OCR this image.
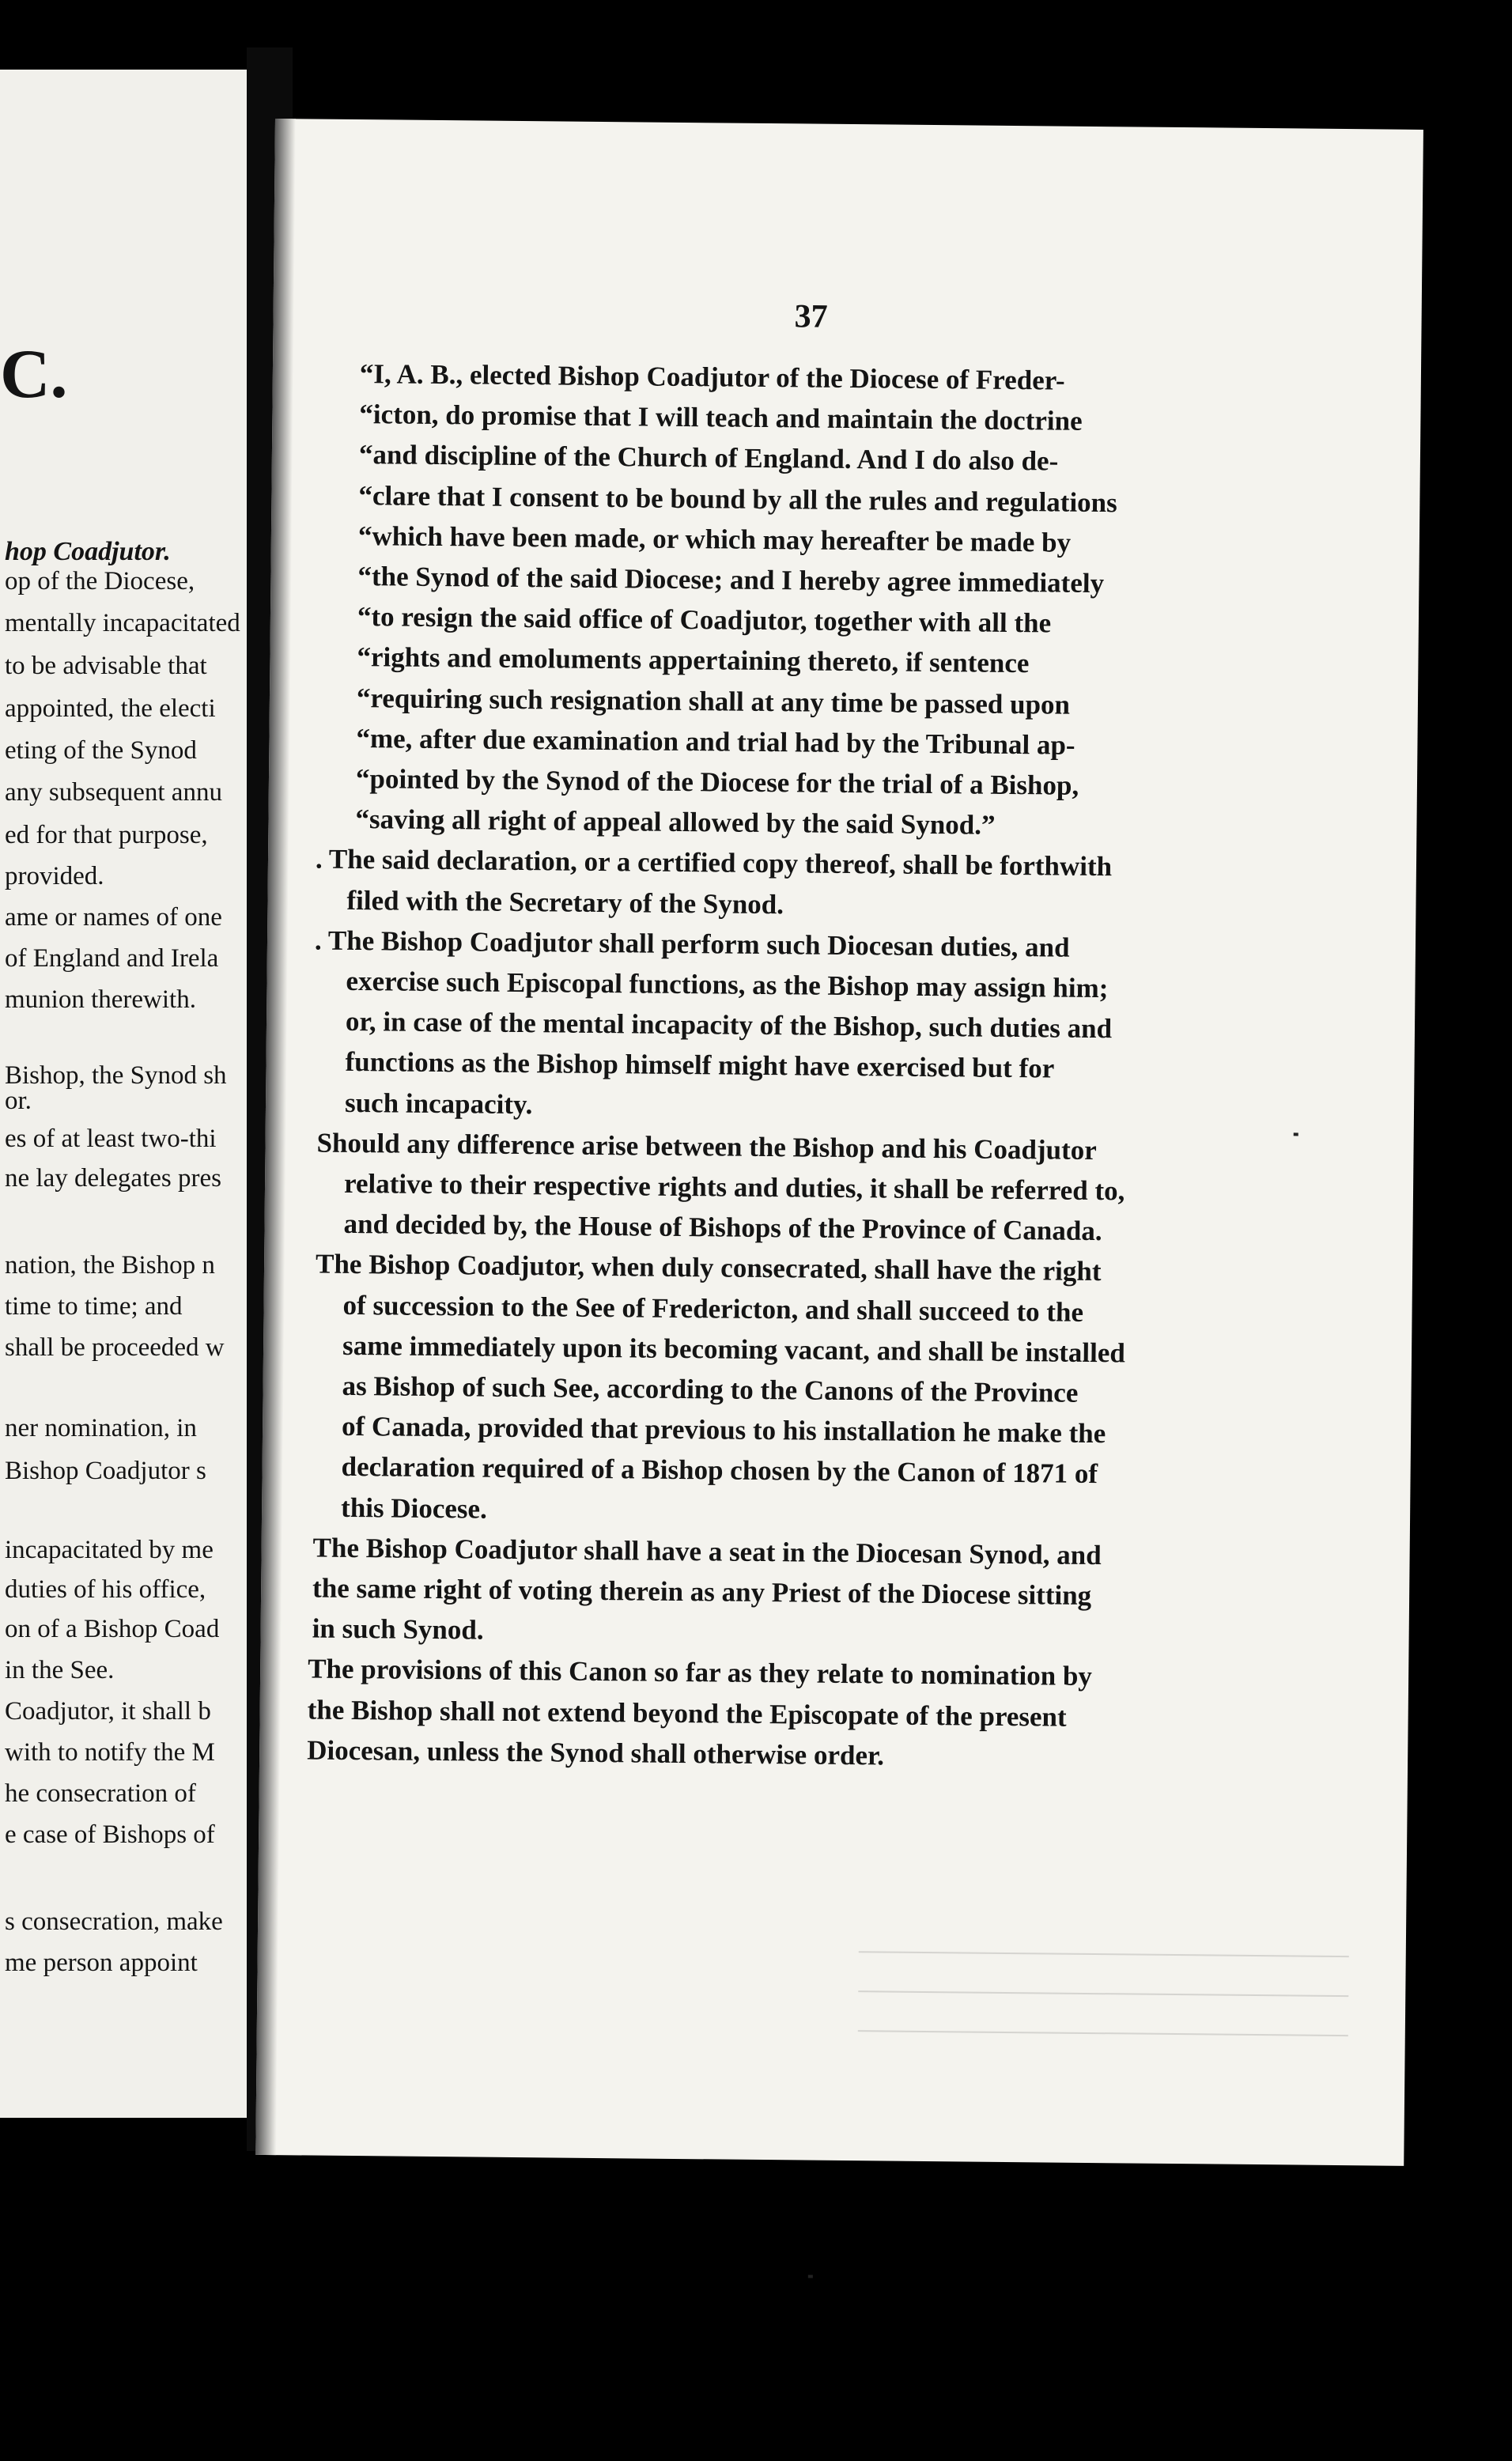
C.
hop Coadjutor.
op of the Diocese,
mentally incapacitated
to be advisable that
appointed, the electi
eting of the Synod
any subsequent annu
ed for that purpose,
provided.
ame or names of one
of England and Irela
munion therewith.
Bishop, the Synod sh
or.
es of at least two-thi
ne lay delegates pres
nation, the Bishop n
time to time; and
shall be proceeded w
ner nomination, in
Bishop Coadjutor s
incapacitated by me
duties of his office,
on of a Bishop Coad
in the See.
Coadjutor, it shall b
with to notify the M
he consecration of
e case of Bishops of
s consecration, make
me person appoint
37
“I, A. B., elected Bishop Coadjutor of the Diocese of Freder-
“icton, do promise that I will teach and maintain the doctrine
“and discipline of the Church of England. And I do also de-
“clare that I consent to be bound by all the rules and regulations
“which have been made, or which may hereafter be made by
“the Synod of the said Diocese; and I hereby agree immediately
“to resign the said office of Coadjutor, together with all the
“rights and emoluments appertaining thereto, if sentence
“requiring such resignation shall at any time be passed upon
“me, after due examination and trial had by the Tribunal ap-
“pointed by the Synod of the Diocese for the trial of a Bishop,
“saving all right of appeal allowed by the said Synod.”
. The said declaration, or a certified copy thereof, shall be forthwith
filed with the Secretary of the Synod.
. The Bishop Coadjutor shall perform such Diocesan duties, and
exercise such Episcopal functions, as the Bishop may assign him;
or, in case of the mental incapacity of the Bishop, such duties and
functions as the Bishop himself might have exercised but for
such incapacity.
Should any difference arise between the Bishop and his Coadjutor
relative to their respective rights and duties, it shall be referred to,
and decided by, the House of Bishops of the Province of Canada.
The Bishop Coadjutor, when duly consecrated, shall have the right
of succession to the See of Fredericton, and shall succeed to the
same immediately upon its becoming vacant, and shall be installed
as Bishop of such See, according to the Canons of the Province
of Canada, provided that previous to his installation he make the
declaration required of a Bishop chosen by the Canon of 1871 of
this Diocese.
The Bishop Coadjutor shall have a seat in the Diocesan Synod, and
the same right of voting therein as any Priest of the Diocese sitting
in such Synod.
The provisions of this Canon so far as they relate to nomination by
the Bishop shall not extend beyond the Episcopate of the present
Diocesan, unless the Synod shall otherwise order.
